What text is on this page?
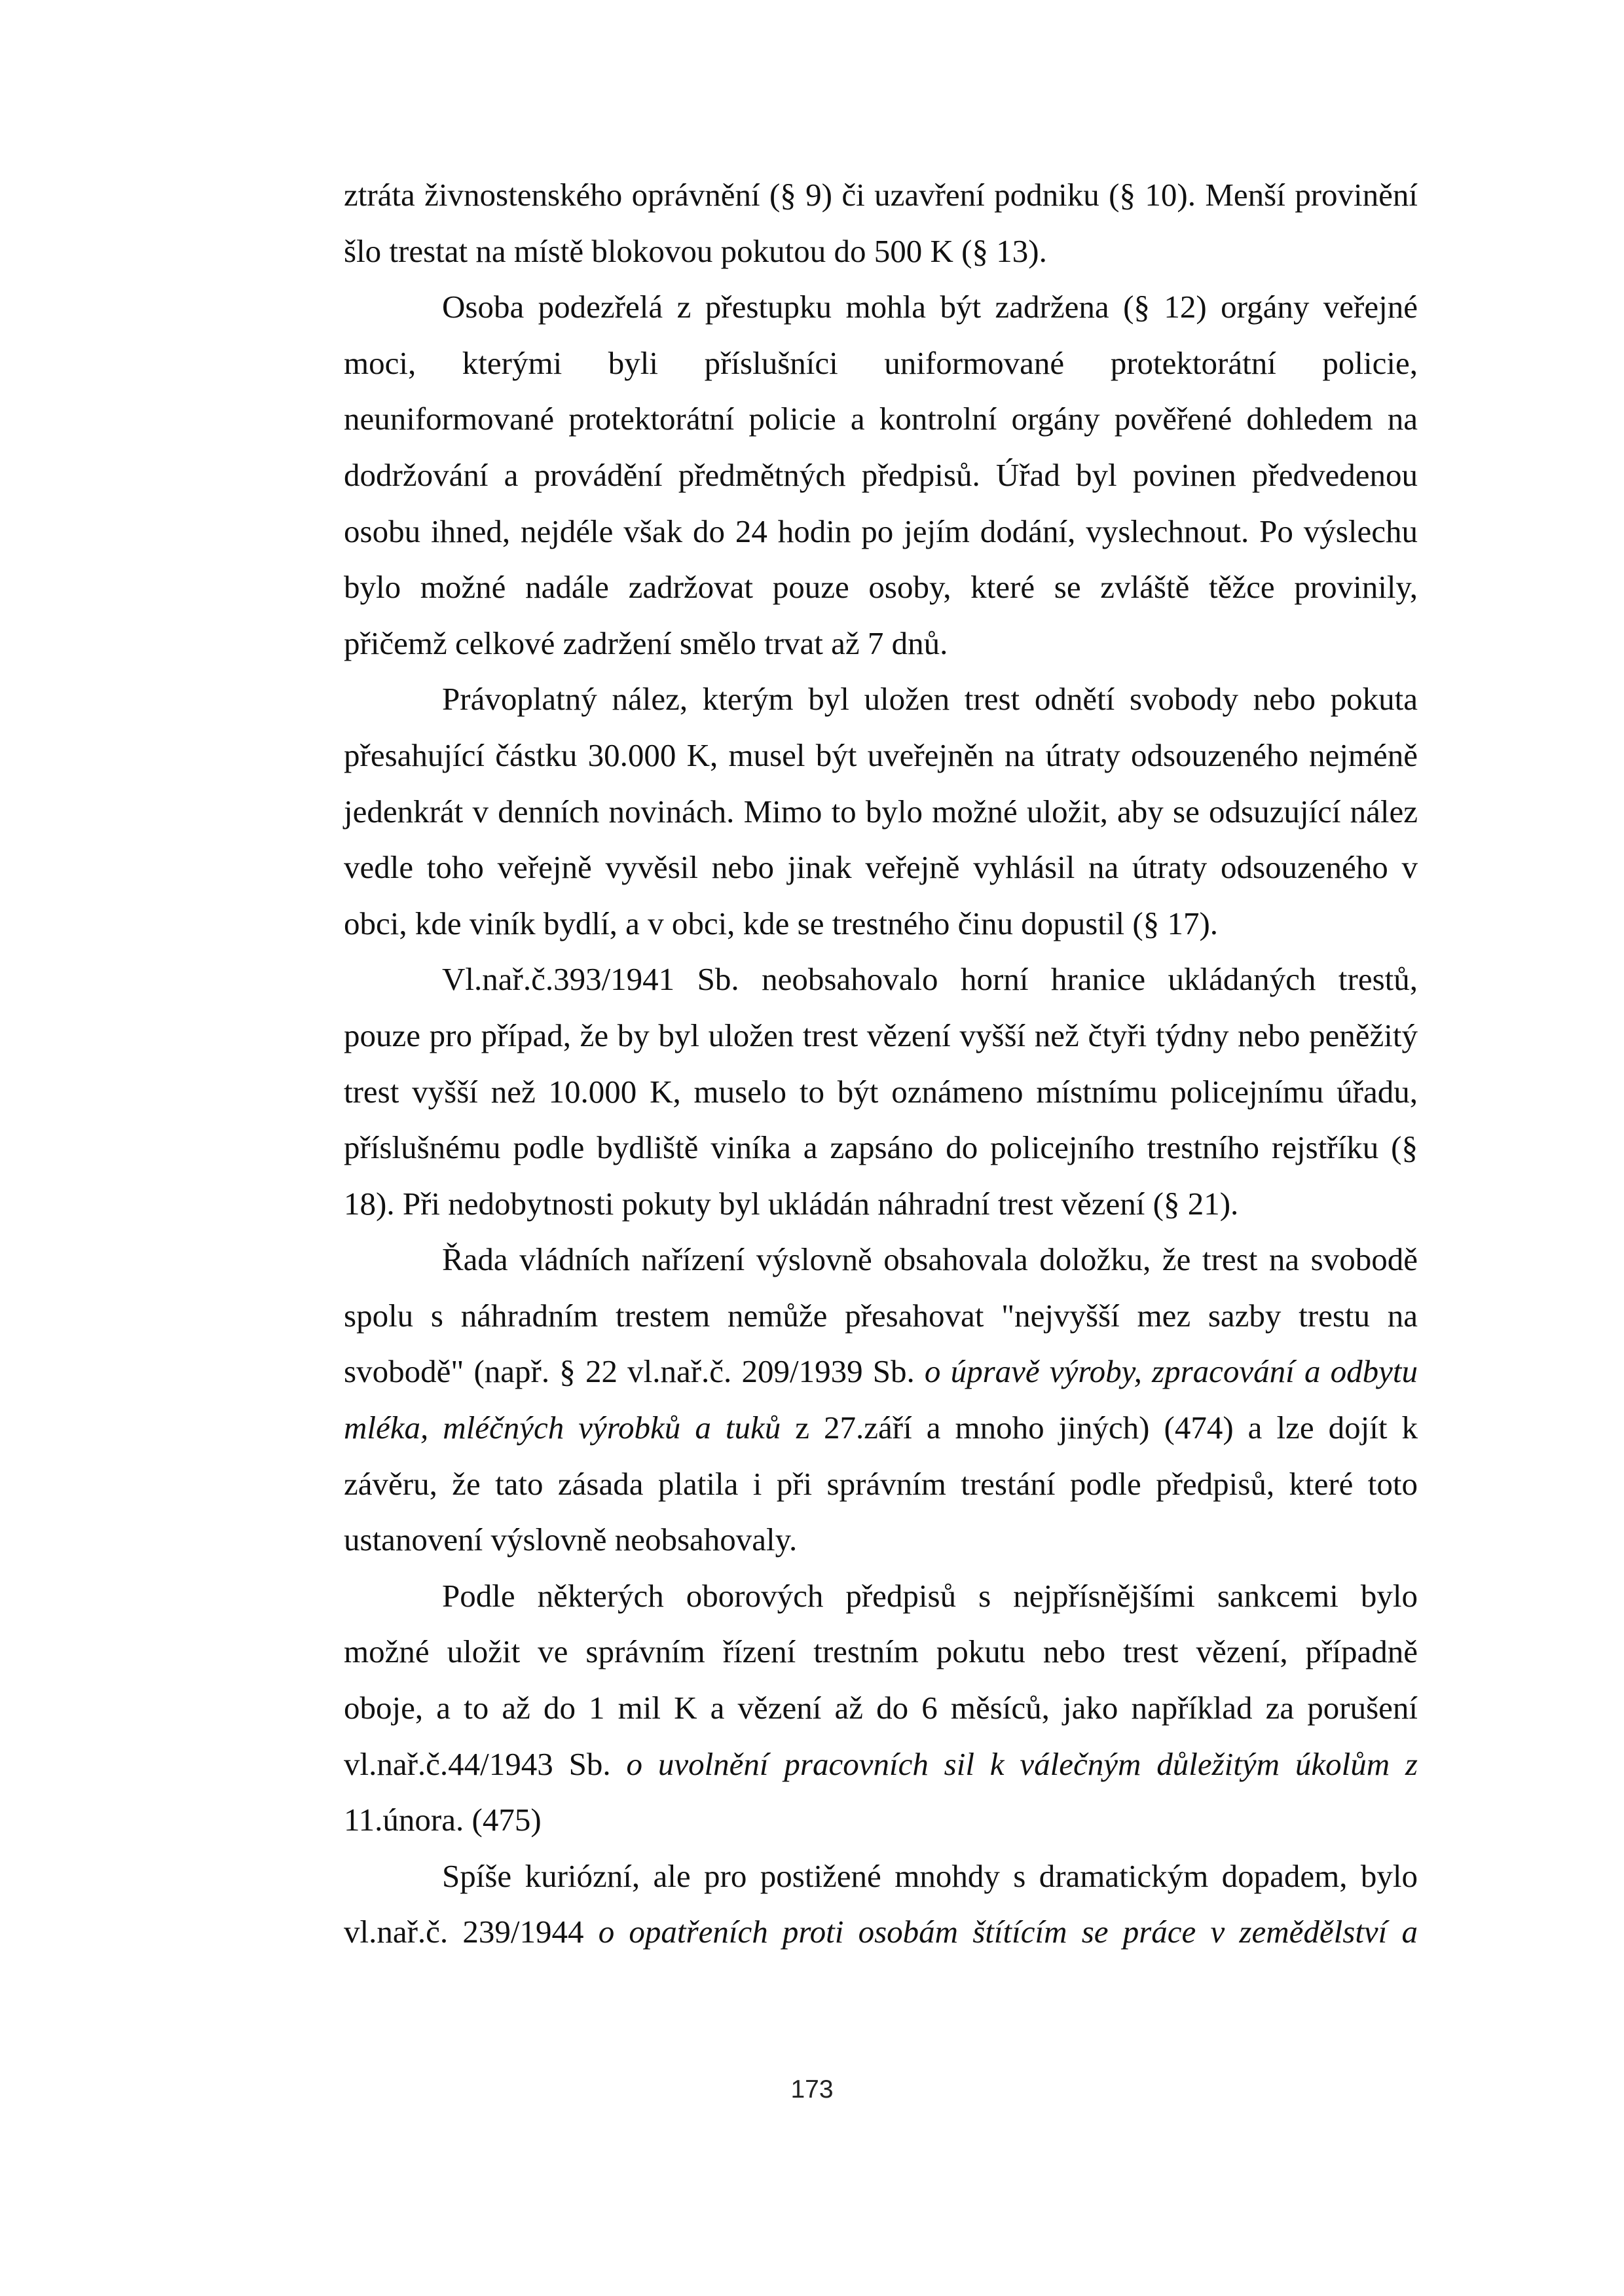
ztráta živnostenského oprávnění (§ 9) či uzavření podniku (§ 10). Menší provinění
šlo trestat na místě blokovou pokutou do 500 K (§ 13).
Osoba podezřelá z přestupku mohla být zadržena (§ 12) orgány veřejné
moci, kterými byli příslušníci uniformované protektorátní policie,
neuniformované protektorátní policie a kontrolní orgány pověřené dohledem na
dodržování a provádění předmětných předpisů. Úřad byl povinen předvedenou
osobu ihned, nejdéle však do 24 hodin po jejím dodání, vyslechnout. Po výslechu
bylo možné nadále zadržovat pouze osoby, které se zvláště těžce provinily,
přičemž celkové zadržení smělo trvat až 7 dnů.
Právoplatný nález, kterým byl uložen trest odnětí svobody nebo pokuta
přesahující částku 30.000 K, musel být uveřejněn na útraty odsouzeného nejméně
jedenkrát v denních novinách. Mimo to bylo možné uložit, aby se odsuzující nález
vedle toho veřejně vyvěsil nebo jinak veřejně vyhlásil na útraty odsouzeného v
obci, kde viník bydlí, a v obci, kde se trestného činu dopustil (§ 17).
Vl.nař.č.393/1941 Sb. neobsahovalo horní hranice ukládaných trestů,
pouze pro případ, že by byl uložen trest vězení vyšší než čtyři týdny nebo peněžitý
trest vyšší než 10.000 K, muselo to být oznámeno místnímu policejnímu úřadu,
příslušnému podle bydliště viníka a zapsáno do policejního trestního rejstříku (§
18). Při nedobytnosti pokuty byl ukládán náhradní trest vězení (§ 21).
Řada vládních nařízení výslovně obsahovala doložku, že trest na svobodě
spolu s náhradním trestem nemůže přesahovat "nejvyšší mez sazby trestu na
svobodě" (např. § 22 vl.nař.č. 209/1939 Sb. o úpravě výroby, zpracování a odbytu
mléka, mléčných výrobků a tuků z 27.září a mnoho jiných) (474) a lze dojít k
závěru, že tato zásada platila i při správním trestání podle předpisů, které toto
ustanovení výslovně neobsahovaly.
Podle některých oborových předpisů s nejpřísnějšími sankcemi bylo
možné uložit ve správním řízení trestním pokutu nebo trest vězení, případně
oboje, a to až do 1 mil K a vězení až do 6 měsíců, jako například za porušení
vl.nař.č.44/1943 Sb. o uvolnění pracovních sil k válečným důležitým úkolům z
11.února. (475)
Spíše kuriózní, ale pro postižené mnohdy s dramatickým dopadem, bylo
vl.nař.č. 239/1944 o opatřeních proti osobám štítícím se práce v zemědělství a
173
